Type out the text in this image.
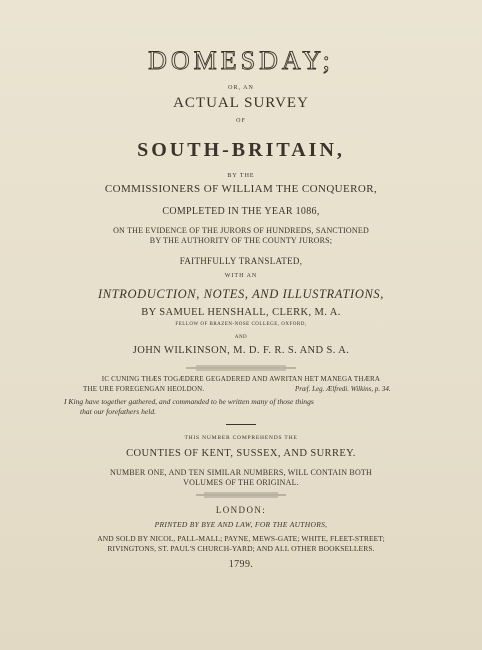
DOMESDAY;
OR, AN
ACTUAL SURVEY
OF
SOUTH-BRITAIN,
BY THE
COMMISSIONERS OF WILLIAM THE CONQUEROR,
COMPLETED IN THE YEAR 1086,
ON THE EVIDENCE OF THE JURORS OF HUNDREDS, SANCTIONED
BY THE AUTHORITY OF THE COUNTY JURORS;
FAITHFULLY TRANSLATED,
WITH AN
INTRODUCTION, NOTES, AND ILLUSTRATIONS,
BY SAMUEL HENSHALL, CLERK, M. A.
FELLOW OF BRAZEN-NOSE COLLEGE, OXFORD,
AND
JOHN WILKINSON, M. D. F. R. S. AND S. A.
IC CUNING THÆS TOGÆDERE GEGADERED AND AWRITAN HET MANEGA THÆRA
THE URE FOREGENGAN HEOLDON.	Præf. Leg. Ælfredi. Wilkins, p. 34.
I King have together gathered, and commanded to be written many of those things
that our forefathers held.
THIS NUMBER COMPREHENDS THE
COUNTIES OF KENT, SUSSEX, AND SURREY.
NUMBER ONE, AND TEN SIMILAR NUMBERS, WILL CONTAIN BOTH
VOLUMES OF THE ORIGINAL.
LONDON:
PRINTED BY BYE AND LAW, FOR THE AUTHORS,
AND SOLD BY NICOL, PALL-MALL; PAYNE, MEWS-GATE; WHITE, FLEET-STREET;
RIVINGTONS, ST. PAUL'S CHURCH-YARD; AND ALL OTHER BOOKSELLERS.
1799.
